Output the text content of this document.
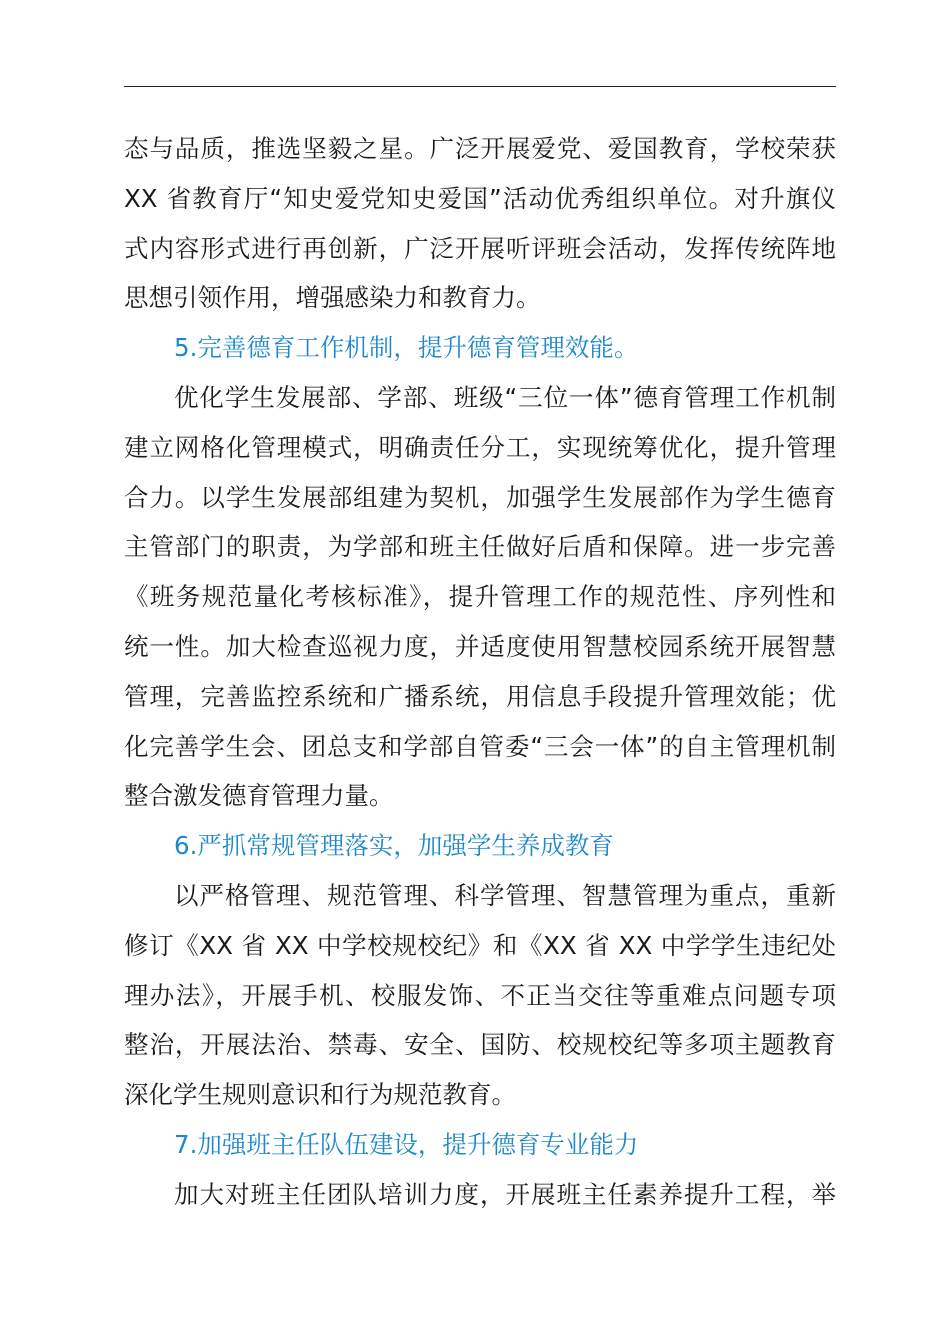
态与品质，推选坚毅之星。广泛开展爱党、爱国教育，学校荣获
XX 省教育厅“知史爱党知史爱国”活动优秀组织单位。对升旗仪
式内容形式进行再创新，广泛开展听评班会活动，发挥传统阵地
思想引领作用，增强感染力和教育力。
5.完善德育工作机制，提升德育管理效能。
优化学生发展部、学部、班级“三位一体”德育管理工作机制
建立网格化管理模式，明确责任分工，实现统筹优化，提升管理
合力。以学生发展部组建为契机，加强学生发展部作为学生德育
主管部门的职责，为学部和班主任做好后盾和保障。进一步完善
《班务规范量化考核标准》，提升管理工作的规范性、序列性和
统一性。加大检查巡视力度，并适度使用智慧校园系统开展智慧
管理，完善监控系统和广播系统，用信息手段提升管理效能；优
化完善学生会、团总支和学部自管委“三会一体”的自主管理机制
整合激发德育管理力量。
6.严抓常规管理落实，加强学生养成教育
以严格管理、规范管理、科学管理、智慧管理为重点，重新
修订《XX 省 XX 中学校规校纪》和《XX 省 XX 中学学生违纪处
理办法》，开展手机、校服发饰、不正当交往等重难点问题专项
整治，开展法治、禁毒、安全、国防、校规校纪等多项主题教育
深化学生规则意识和行为规范教育。
7.加强班主任队伍建设，提升德育专业能力
加大对班主任团队培训力度，开展班主任素养提升工程，举
